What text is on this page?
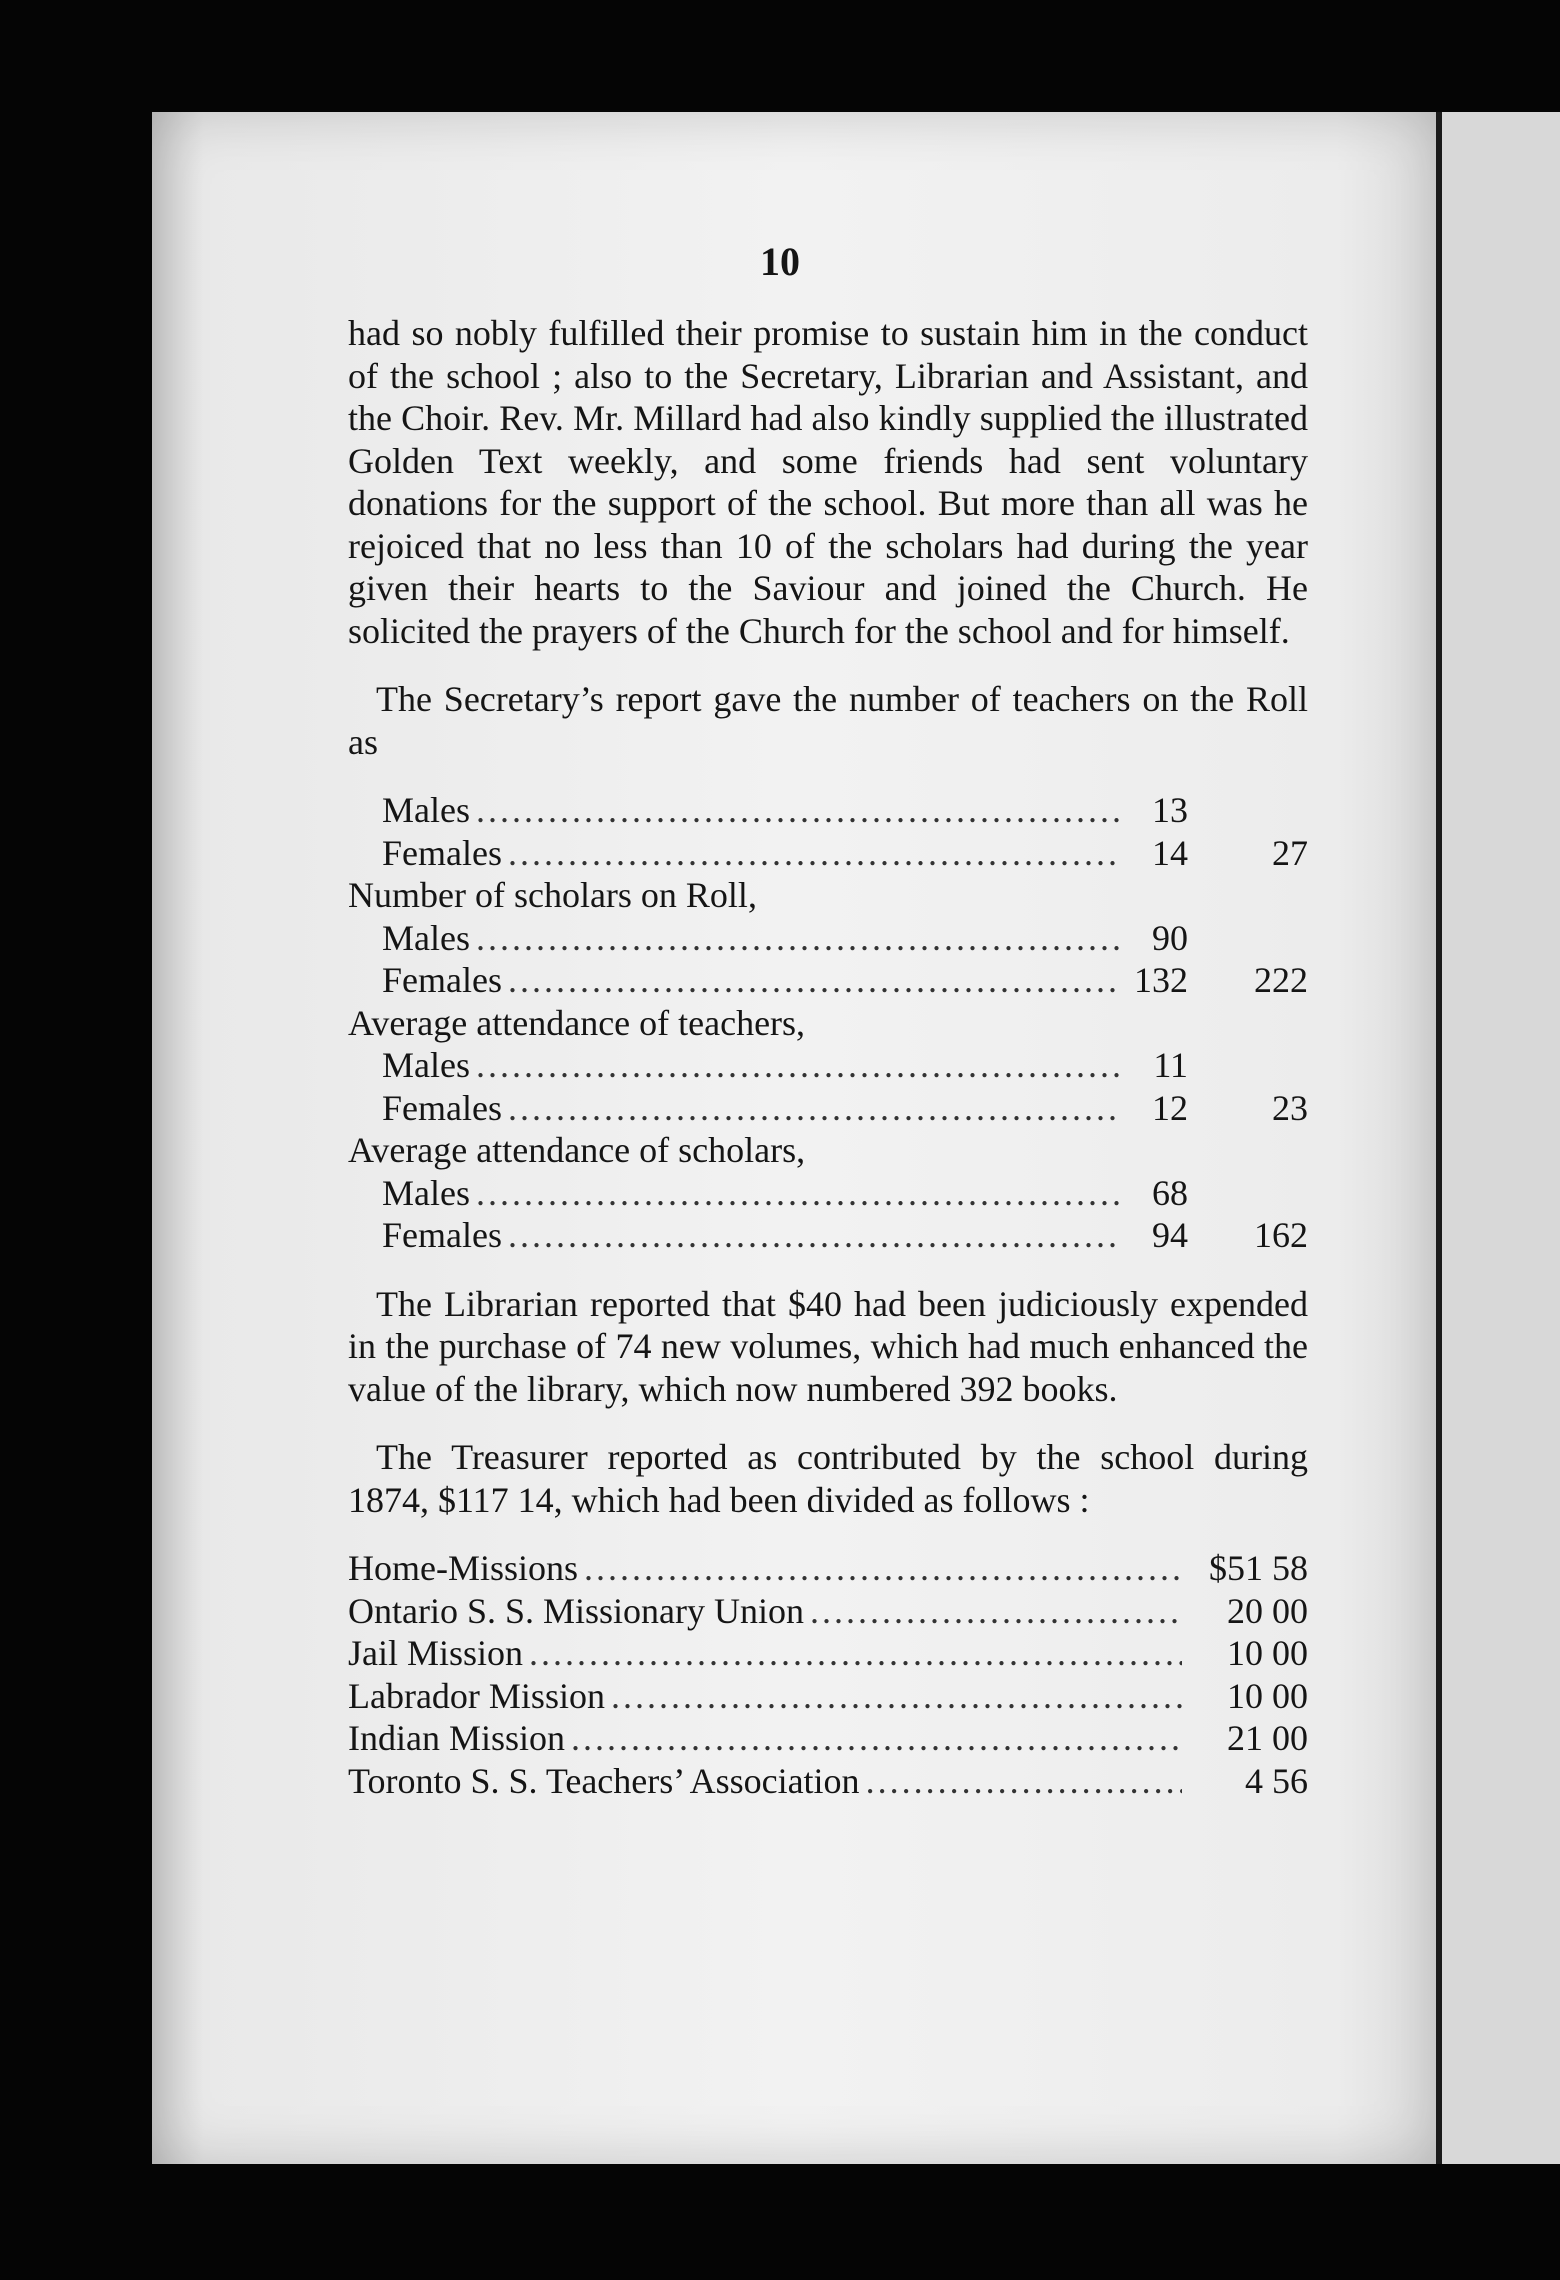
10

had so nobly fulfilled their promise to sustain him in the conduct of the school ; also to the Secretary, Librarian and Assistant, and the Choir. Rev. Mr. Millard had also kindly supplied the illustrated Golden Text weekly, and some friends had sent voluntary donations for the support of the school. But more than all was he rejoiced that no less than 10 of the scholars had during the year given their hearts to the Saviour and joined the Church. He solicited the prayers of the Church for the school and for himself.

The Secretary’s report gave the number of teachers on the Roll as

Males .....	13
Females .....	14	27
Number of scholars on Roll,
Males .....	90
Females .....	132	222
Average attendance of teachers,
Males .....	11
Females .....	12	23
Average attendance of scholars,
Males .....	68
Females .....	94	162

The Librarian reported that $40 had been judiciously expended in the purchase of 74 new volumes, which had much enhanced the value of the library, which now numbered 392 books.

The Treasurer reported as contributed by the school during 1874, $117 14, which had been divided as follows :

Home-Missions .....	$51 58
Ontario S. S. Missionary Union .....	20 00
Jail Mission .....	10 00
Labrador Mission .....	10 00
Indian Mission .....	21 00
Toronto S. S. Teachers’ Association .....	4 56
